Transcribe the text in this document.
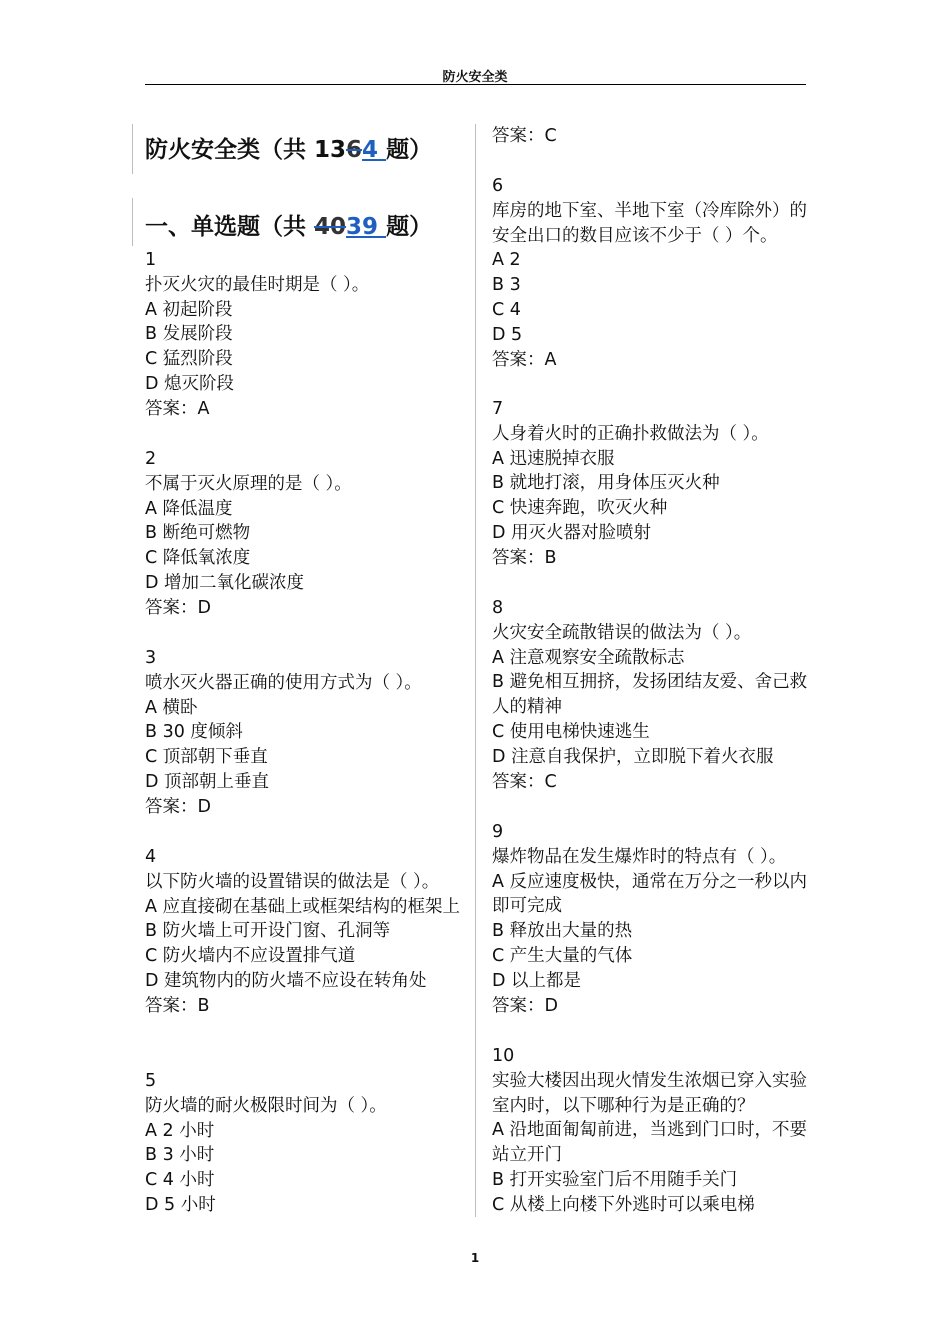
防火安全类
防火安全类（共 1364 题）
一、单选题（共 4039 题）
1
扑灭火灾的最佳时期是（ ）。
A 初起阶段
B 发展阶段
C 猛烈阶段
D 熄灭阶段
答案：A
2
不属于灭火原理的是（ ）。
A 降低温度
B 断绝可燃物
C 降低氧浓度
D 增加二氧化碳浓度
答案：D
3
喷水灭火器正确的使用方式为（ ）。
A 横卧
B 30 度倾斜
C 顶部朝下垂直
D 顶部朝上垂直
答案：D
4
以下防火墙的设置错误的做法是（ ）。
A 应直接砌在基础上或框架结构的框架上
B 防火墙上可开设门窗、孔洞等
C 防火墙内不应设置排气道
D 建筑物内的防火墙不应设在转角处
答案：B
5
防火墙的耐火极限时间为（ ）。
A 2 小时
B 3 小时
C 4 小时
D 5 小时
答案：C
6
库房的地下室、半地下室（冷库除外）的安全出口的数目应该不少于（ ）个。
A 2
B 3
C 4
D 5
答案：A
7
人身着火时的正确扑救做法为（ ）。
A 迅速脱掉衣服
B 就地打滚，用身体压灭火种
C 快速奔跑，吹灭火种
D 用灭火器对脸喷射
答案：B
8
火灾安全疏散错误的做法为（ ）。
A 注意观察安全疏散标志
B 避免相互拥挤，发扬团结友爱、舍己救人的精神
C 使用电梯快速逃生
D 注意自我保护，立即脱下着火衣服
答案：C
9
爆炸物品在发生爆炸时的特点有（ ）。
A 反应速度极快，通常在万分之一秒以内即可完成
B 释放出大量的热
C 产生大量的气体
D 以上都是
答案：D
10
实验大楼因出现火情发生浓烟已穿入实验室内时，以下哪种行为是正确的？
A 沿地面匍匐前进，当逃到门口时，不要站立开门
B 打开实验室门后不用随手关门
C 从楼上向楼下外逃时可以乘电梯
1
